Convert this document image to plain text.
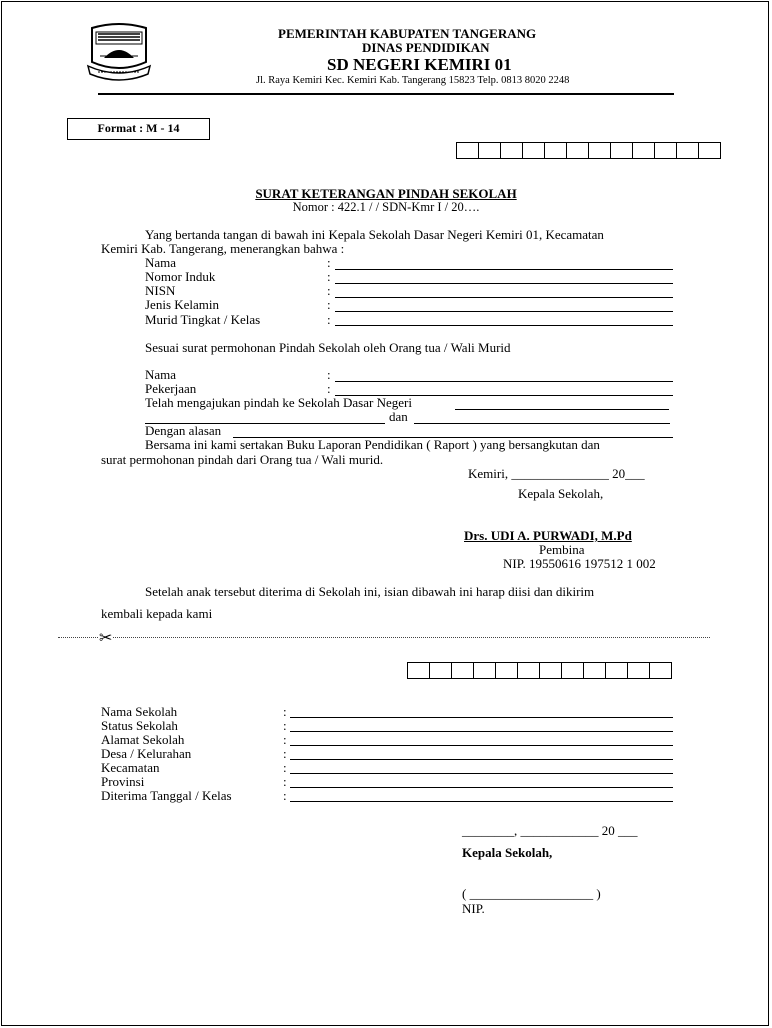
PEMERINTAH KABUPATEN TANGERANG
DINAS PENDIDIKAN
SD NEGERI KEMIRI 01
Jl. Raya Kemiri Kec. Kemiri Kab. Tangerang 15823 Telp. 0813 8020 2248
Format : M - 14
SURAT KETERANGAN PINDAH SEKOLAH
Nomor : 422.1 / / SDN-Kmr I / 20….
Yang bertanda tangan di bawah ini Kepala Sekolah Dasar Negeri Kemiri 01, Kecamatan
Kemiri Kab. Tangerang, menerangkan bahwa :
Nama	:
Nomor Induk	:
NISN	:
Jenis Kelamin	:
Murid Tingkat / Kelas	:
Sesuai surat permohonan Pindah Sekolah oleh Orang tua / Wali Murid
Nama	:
Pekerjaan	:
Telah mengajukan pindah ke Sekolah Dasar Negeri
dan
Dengan alasan
Bersama ini kami sertakan Buku Laporan Pendidikan ( Raport ) yang bersangkutan dan
surat permohonan pindah dari Orang tua / Wali murid.
Kemiri, _______________ 20___
Kepala Sekolah,
Drs. UDI A. PURWADI, M.Pd
Pembina
NIP. 19550616 197512 1 002
Setelah anak tersebut diterima di Sekolah ini, isian dibawah ini harap diisi dan dikirim
kembali kepada kami
✂
Nama Sekolah	:
Status Sekolah	:
Alamat Sekolah	:
Desa / Kelurahan	:
Kecamatan	:
Provinsi	:
Diterima Tanggal / Kelas	:
________, ____________ 20 ___
Kepala Sekolah,
( ___________________ )
NIP.
